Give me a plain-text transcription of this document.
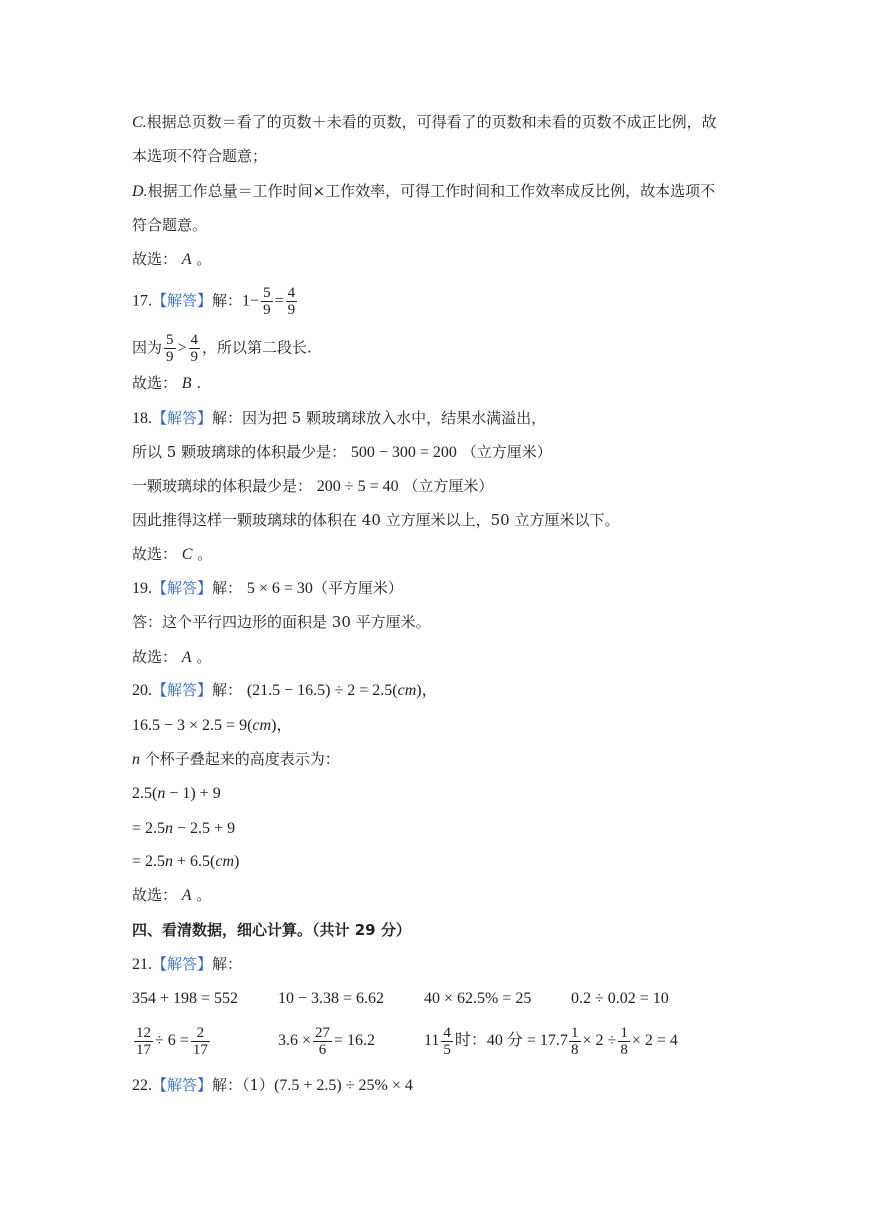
C.根据总页数＝看了的页数＋未看的页数，可得看了的页数和未看的页数不成正比例，故
本选项不符合题意；
D.根据工作总量＝工作时间×工作效率，可得工作时间和工作效率成反比例，故本选项不
符合题意。
故选： A 。
17.【解答】解：$1- \frac{5}{9} = \frac{4}{9}$
因为 $\frac{5}{9} > \frac{4}{9}$ ，所以第二段长.
故选： B .
18.【解答】解：因为把 5 颗玻璃球放入水中，结果水满溢出，
所以 5 颗玻璃球的体积最少是： 500 − 300 = 200 （立方厘米）
一颗玻璃球的体积最少是： 200 ÷ 5 = 40 （立方厘米）
因此推得这样一颗玻璃球的体积在 40 立方厘米以上，50 立方厘米以下。
故选： C 。
19.【解答】解： 5 × 6 = 30（平方厘米）
答：这个平行四边形的面积是 30 平方厘米。
故选： A 。
20.【解答】解： (21.5 − 16.5) ÷ 2 = 2.5(cm)，
16.5 − 3 × 2.5 = 9(cm)，
n 个杯子叠起来的高度表示为：
2.5(n − 1) + 9
= 2.5n − 2.5 + 9
= 2.5n + 6.5(cm)
故选： A 。
四、看清数据，细心计算。（共计 29 分）
21.【解答】解：
354 + 198 = 552 10 − 3.38 = 6.62 40 × 62.5% = 25 0.2 ÷ 0.02 = 10
$\frac{12}{17} \div 6 = \frac{2}{17}$	$3.6 \times \frac{27}{6} = 16.2$	$11 \frac{4}{5}$ 时：40 分 = $17.7 \frac{1}{8} \times 2 \div \frac{1}{8} \times 2 = 4$
22.【解答】解：（1）(7.5 + 2.5) ÷ 25% × 4
